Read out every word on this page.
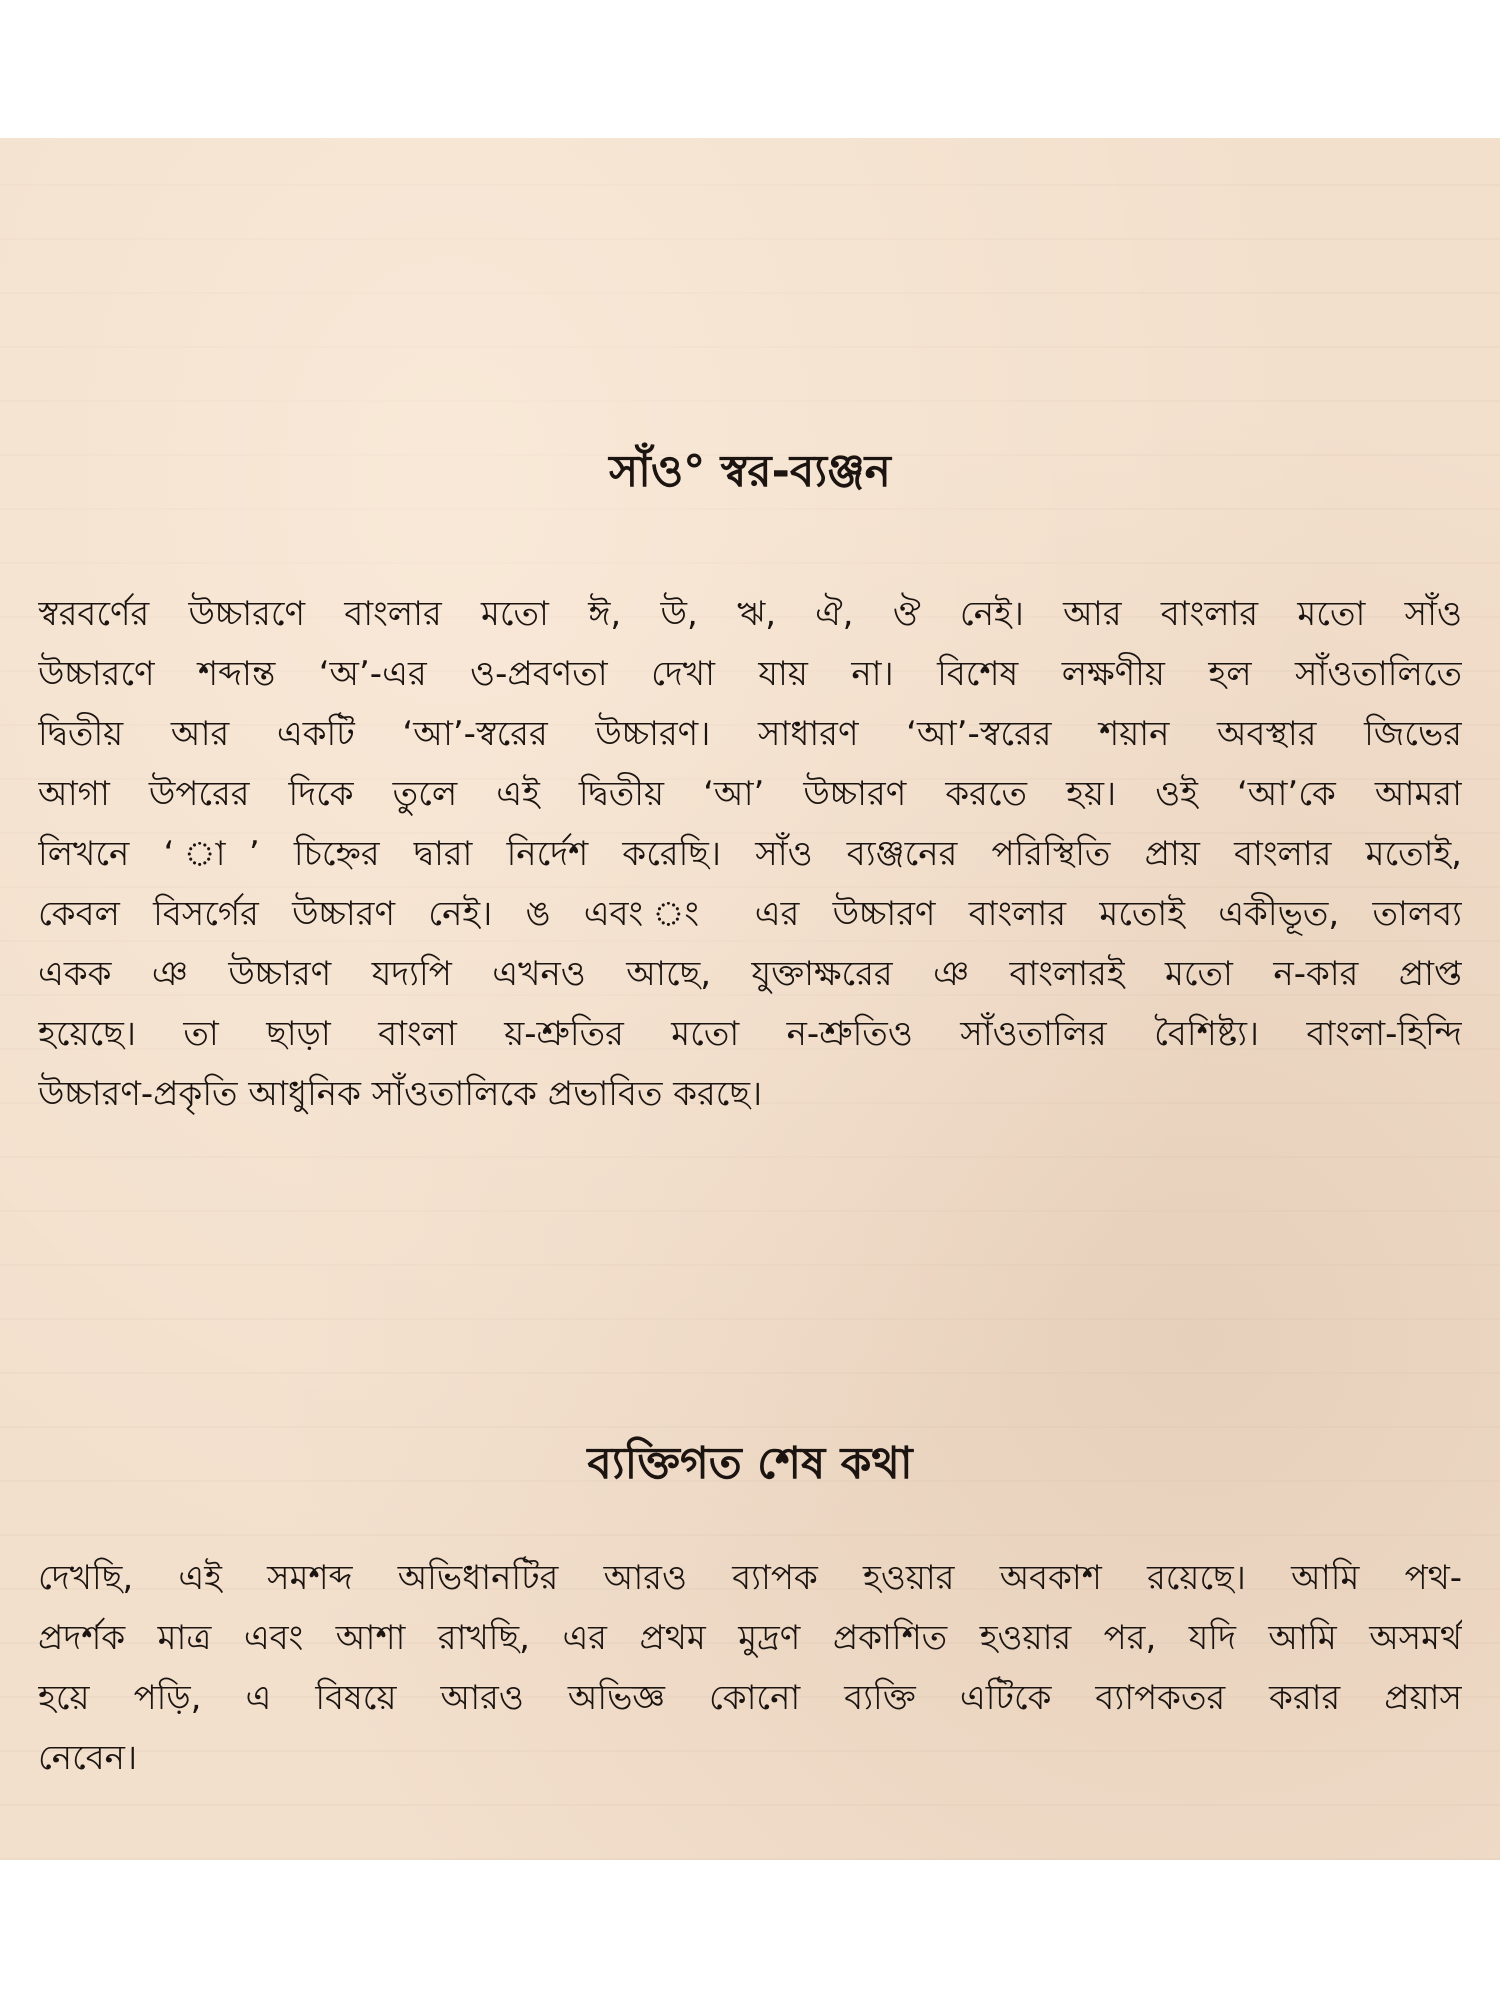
সাঁও° স্বর-ব্যঞ্জন
স্বরবর্ণের উচ্চারণে বাংলার মতো ঈ, উ, ঋ, ঐ, ঔ নেই। আর বাংলার মতো সাঁও
উচ্চারণে শব্দান্ত ‘অ’-এর ও-প্রবণতা দেখা যায় না। বিশেষ লক্ষণীয় হল সাঁওতালিতে
দ্বিতীয় আর একটি ‘আ’-স্বরের উচ্চারণ। সাধারণ ‘আ’-স্বরের শয়ান অবস্থার জিভের
আগা উপরের দিকে তুলে এই দ্বিতীয় ‘আ’ উচ্চারণ করতে হয়। ওই ‘আ’কে আমরা
লিখনে ‘ া’ চিহ্নের দ্বারা নির্দেশ করেছি। সাঁও ব্যঞ্জনের পরিস্থিতি প্রায় বাংলার মতোই,
কেবল বিসর্গের উচ্চারণ নেই। ঙ এবং ং এর উচ্চারণ বাংলার মতোই একীভূত, তালব্য
একক ঞ উচ্চারণ যদ্যপি এখনও আছে, যুক্তাক্ষরের ঞ বাংলারই মতো ন-কার প্রাপ্ত
হয়েছে। তা ছাড়া বাংলা য়-শ্রুতির মতো ন-শ্রুতিও সাঁওতালির বৈশিষ্ট্য। বাংলা-হিন্দি
উচ্চারণ-প্রকৃতি আধুনিক সাঁওতালিকে প্রভাবিত করছে।
ব্যক্তিগত শেষ কথা
দেখছি, এই সমশব্দ অভিধানটির আরও ব্যাপক হওয়ার অবকাশ রয়েছে। আমি পথ-
প্রদর্শক মাত্র এবং আশা রাখছি, এর প্রথম মুদ্রণ প্রকাশিত হওয়ার পর, যদি আমি অসমর্থ
হয়ে পড়ি, এ বিষয়ে আরও অভিজ্ঞ কোনো ব্যক্তি এটিকে ব্যাপকতর করার প্রয়াস
নেবেন।
